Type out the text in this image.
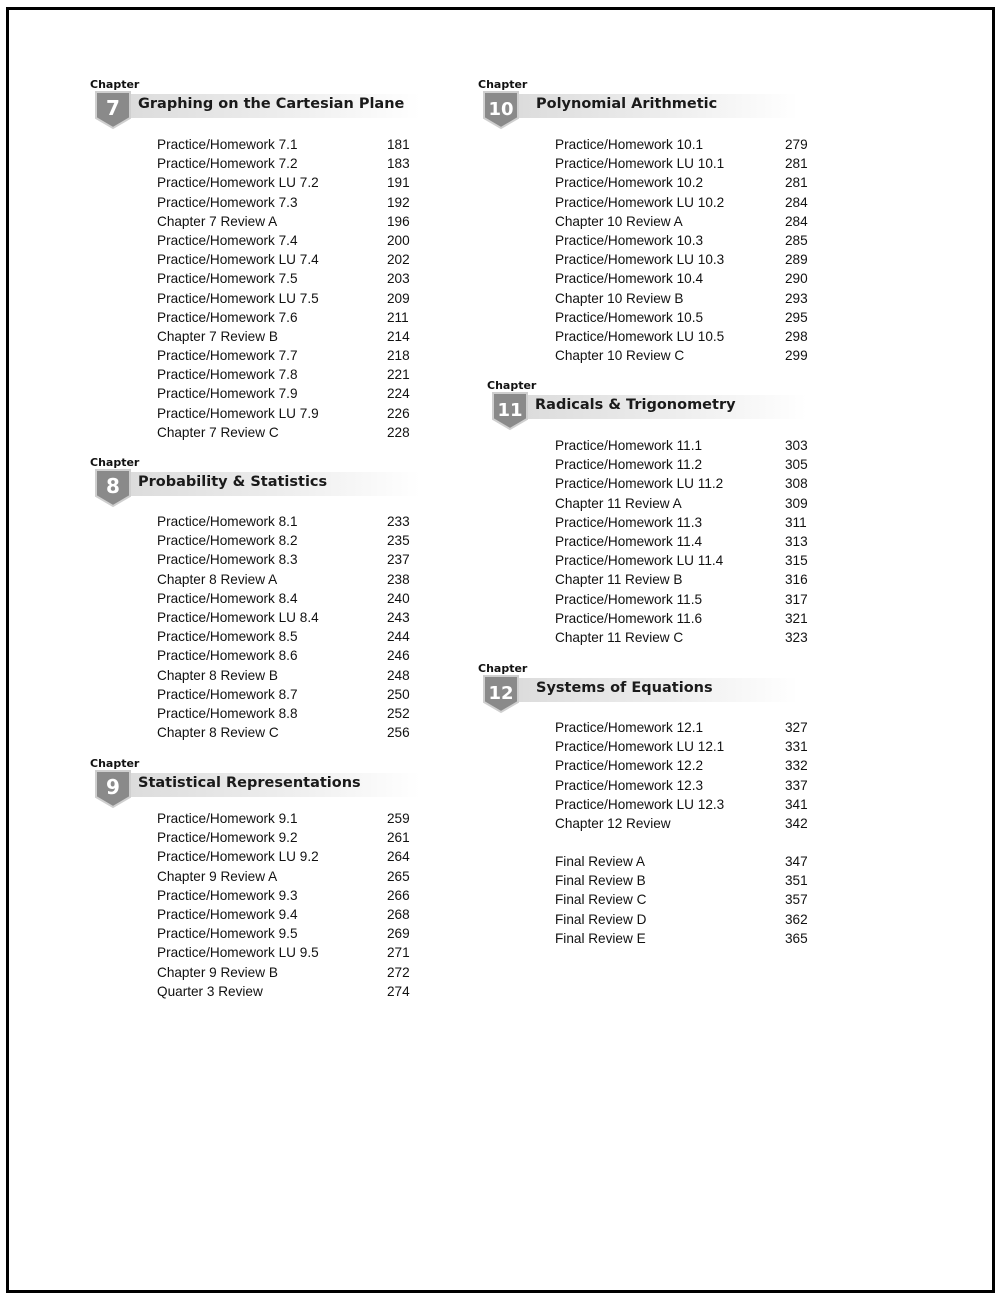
Chapter
7 Graphing on the Cartesian Plane
Practice/Homework 7.1	181
Practice/Homework 7.2	183
Practice/Homework LU 7.2	191
Practice/Homework 7.3	192
Chapter 7 Review A	196
Practice/Homework 7.4	200
Practice/Homework LU 7.4	202
Practice/Homework 7.5	203
Practice/Homework LU 7.5	209
Practice/Homework 7.6	211
Chapter 7 Review B	214
Practice/Homework 7.7	218
Practice/Homework 7.8	221
Practice/Homework 7.9	224
Practice/Homework LU 7.9	226
Chapter 7 Review C	228
Chapter
8 Probability & Statistics
Practice/Homework 8.1	233
Practice/Homework 8.2	235
Practice/Homework 8.3	237
Chapter 8 Review A	238
Practice/Homework 8.4	240
Practice/Homework LU 8.4	243
Practice/Homework 8.5	244
Practice/Homework 8.6	246
Chapter 8 Review B	248
Practice/Homework 8.7	250
Practice/Homework 8.8	252
Chapter 8 Review C	256
Chapter
9 Statistical Representations
Practice/Homework 9.1	259
Practice/Homework 9.2	261
Practice/Homework LU 9.2	264
Chapter 9 Review A	265
Practice/Homework 9.3	266
Practice/Homework 9.4	268
Practice/Homework 9.5	269
Practice/Homework LU 9.5	271
Chapter 9 Review B	272
Quarter 3 Review	274
Chapter
10 Polynomial Arithmetic
Practice/Homework 10.1	279
Practice/Homework LU 10.1	281
Practice/Homework 10.2	281
Practice/Homework LU 10.2	284
Chapter 10 Review A	284
Practice/Homework 10.3	285
Practice/Homework LU 10.3	289
Practice/Homework 10.4	290
Chapter 10 Review B	293
Practice/Homework 10.5	295
Practice/Homework LU 10.5	298
Chapter 10 Review C	299
Chapter
11 Radicals & Trigonometry
Practice/Homework 11.1	303
Practice/Homework 11.2	305
Practice/Homework LU 11.2	308
Chapter 11 Review A	309
Practice/Homework 11.3	311
Practice/Homework 11.4	313
Practice/Homework LU 11.4	315
Chapter 11 Review B	316
Practice/Homework 11.5	317
Practice/Homework 11.6	321
Chapter 11 Review C	323
Chapter
12 Systems of Equations
Practice/Homework 12.1	327
Practice/Homework LU 12.1	331
Practice/Homework 12.2	332
Practice/Homework 12.3	337
Practice/Homework LU 12.3	341
Chapter 12 Review	342
Final Review A	347
Final Review B	351
Final Review C	357
Final Review D	362
Final Review E	365
